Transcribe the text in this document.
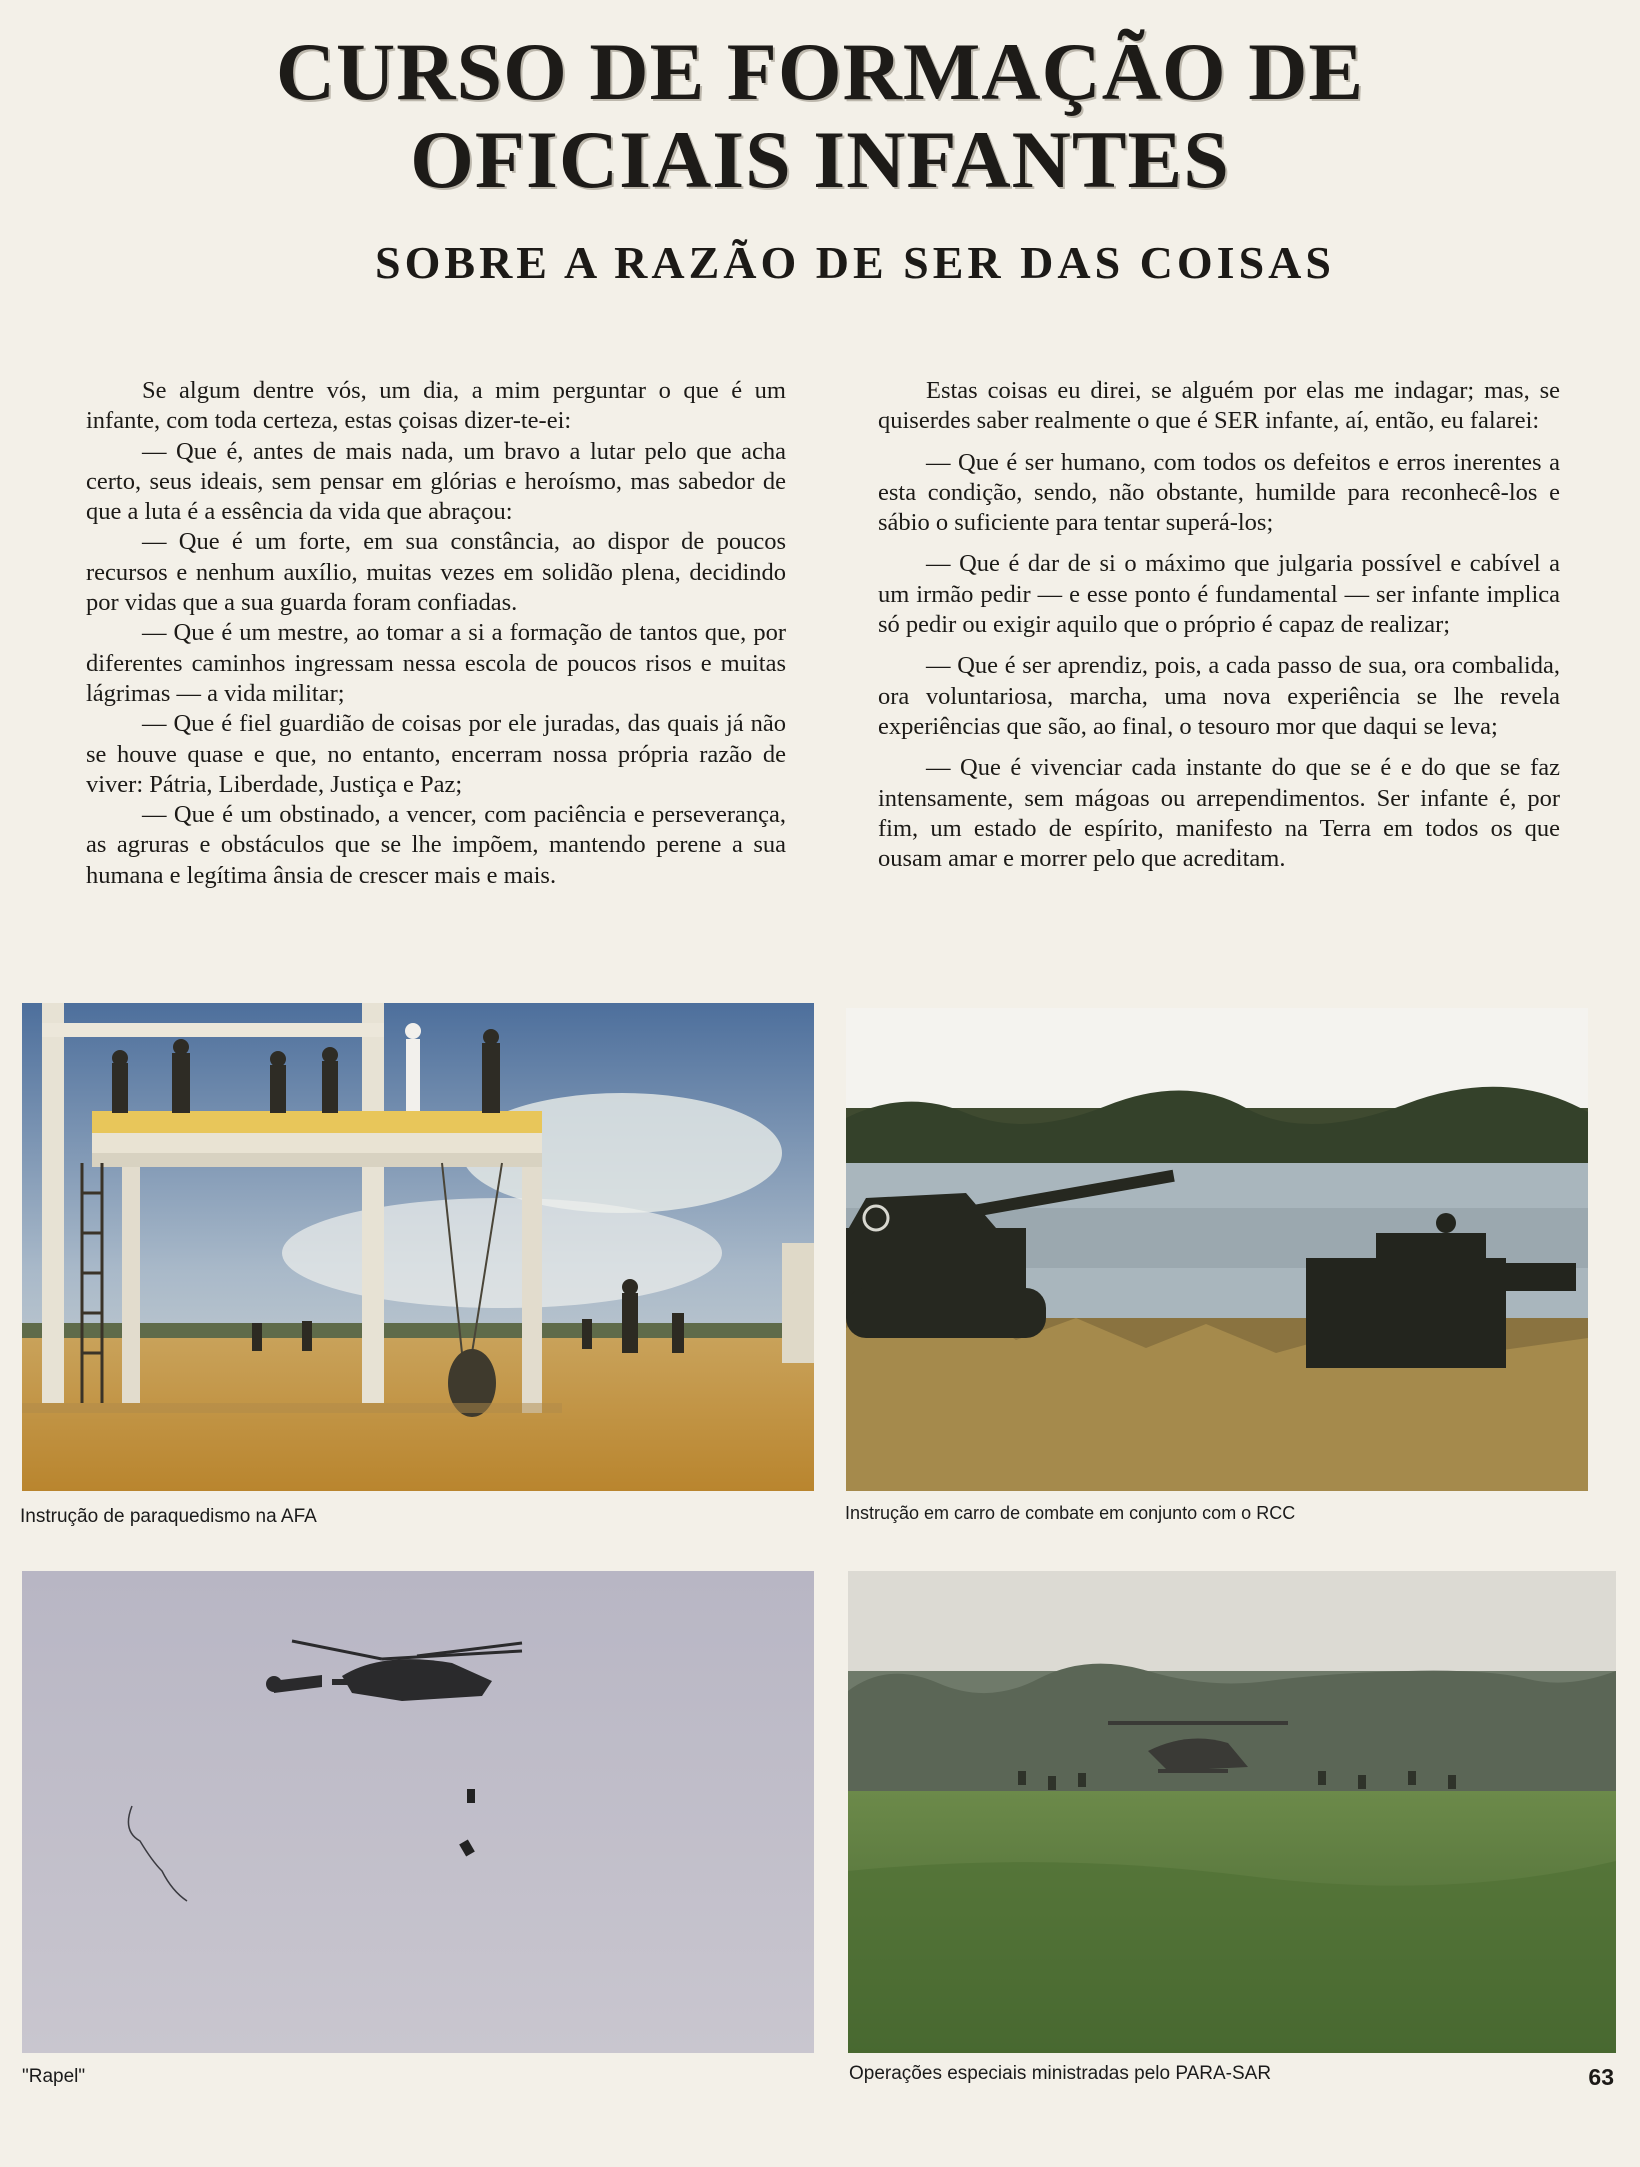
CURSO DE FORMAÇÃO DE
OFICIAIS INFANTES
SOBRE A RAZÃO DE SER DAS COISAS

Se algum dentre vós, um dia, a mim perguntar o que é um infante, com toda certeza, estas çoisas dizer-te-ei:

— Que é, antes de mais nada, um bravo a lutar pelo que acha certo, seus ideais, sem pensar em glórias e heroísmo, mas sabedor de que a luta é a essência da vida que abraçou:

— Que é um forte, em sua constância, ao dispor de poucos recursos e nenhum auxílio, muitas vezes em solidão plena, decidindo por vidas que a sua guarda foram confiadas.

— Que é um mestre, ao tomar a si a formação de tantos que, por diferentes caminhos ingressam nessa escola de poucos risos e muitas lágrimas — a vida militar;

— Que é fiel guardião de coisas por ele juradas, das quais já não se houve quase e que, no entanto, encerram nossa própria razão de viver: Pátria, Liberdade, Justiça e Paz;

— Que é um obstinado, a vencer, com paciência e perseverança, as agruras e obstáculos que se lhe impõem, mantendo perene a sua humana e legítima ânsia de crescer mais e mais.

Estas coisas eu direi, se alguém por elas me indagar; mas, se quiserdes saber realmente o que é SER infante, aí, então, eu falarei:

— Que é ser humano, com todos os defeitos e erros inerentes a esta condição, sendo, não obstante, humilde para reconhecê-los e sábio o suficiente para tentar superá-los;

— Que é dar de si o máximo que julgaria possível e cabível a um irmão pedir — e esse ponto é fundamental — ser infante implica só pedir ou exigir aquilo que o próprio é capaz de realizar;

— Que é ser aprendiz, pois, a cada passo de sua, ora combalida, ora voluntariosa, marcha, uma nova experiência se lhe revela experiências que são, ao final, o tesouro mor que daqui se leva;

— Que é vivenciar cada instante do que se é e do que se faz intensamente, sem mágoas ou arrependimentos. Ser infante é, por fim, um estado de espírito, manifesto na Terra em todos os que ousam amar e morrer pelo que acreditam.

Instrução de paraquedismo na AFA	Instrução em carro de combate em conjunto com o RCC
"Rapel"	Operações especiais ministradas pelo PARA-SAR	63
